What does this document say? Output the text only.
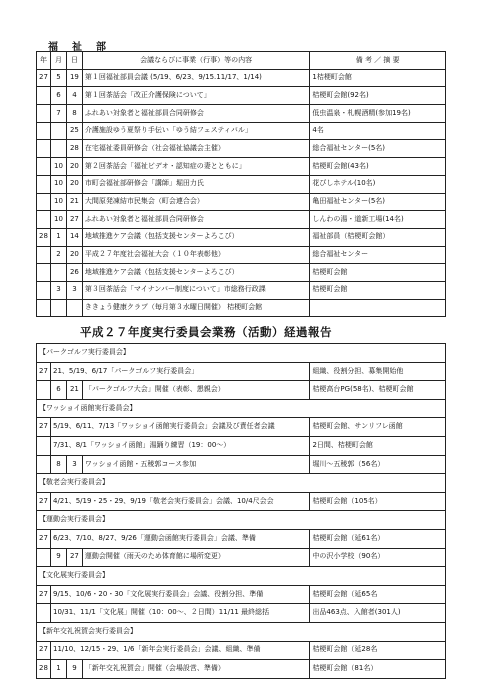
福　祉　部
年	月	日	会議ならびに事業（行事）等の内容	備 考 ／ 摘 要
27	5	19	第１回福祉部員会議 (5/19、6/23、9/15.11/17、1/14)	1桔梗町会館
	6	4	第１回茶話会「改正介護保険について」	桔梗町会館(92名)
	7	8	ふれあい対象者と福祉部員合同研修会	低虫温泉・札幌酒精(参加19名)
		25	介護施設ゆう夏祭り手伝い「ゆう結フェスティバル」	4名
		28	在宅福祉委員研修会（社会福祉協議会主催）	総合福祉センター(5名)
	10	20	第２回茶話会「福祉ビデオ・認知症の妻とともに」	桔梗町会館(43名)
	10	20	市町会福祉部研修会「講師」堀田力氏	花びしホテル(10名)
	10	21	大間原発凍結市民集会（町会連合会）	亀田福祉センター(5名)
	10	27	ふれあい対象者と福祉部員合同研修会	しんわの湯・道新工場(14名)
28	1	14	地域推進ケア会議（包括支援センターよろこび）	福祉部員（桔梗町会館）
	2	20	平成２７年度社会福祉大会（１０年表彰他）	総合福祉センター
		26	地域推進ケア会議（包括支援センターよろこび）	桔梗町会館
	3	3	第３回茶話会「マイナンバー制度について」市総務行政課	桔梗町会館
			ききょう健康クラブ（毎月第３水曜日開催） 桔梗町会館	
平成２７年度実行委員会業務（活動）経過報告
【パークゴルフ実行委員会】				
27	21、5/19、6/17「パークゴルフ実行委員会」			組織、役割分担、募集開始他
	6	21	「パークゴルフ大会」開催（表彰、懇親会）	桔梗高台PG(58名)、桔梗町会館
【ワッショイ函館実行委員会】				
27	5/19、6/11、7/13「ワッショイ函館実行委員会」会議及び責任者会議			桔梗町会館、サンリフレ函館
	7/31、8/1「ワッショイ函館」湯踊り練習（19：00〜）			2日間、桔梗町会館
	8	3	ワッショイ函館・五稜郭コース参加	堀川〜五稜郭（56名）
【敬老会実行委員会】				
27	4/21、5/19・25・29、9/19「敬老会実行委員会」会議、10/4尺会会			桔梗町会館（105名）
【運動会実行委員会】				
27	6/23、7/10、8/27、9/26「運動会函館実行委員会」会議、準備			桔梗町会館（延61名）
	9	27	運動会開催（雨天のため体育館に場所変更）	中の沢小学校（90名）
【文化展実行委員会】				
27	9/15、10/6・20・30「文化展実行委員会」会議、役割分担、準備			桔梗町会館（延65名
	10/31、11/1「文化展」開催（10：00〜、２日間）11/11 最終総括			出品463点、入館者(301人)
【新年交礼祝賀会実行委員会】				
27	11/10、12/15・29、1/6「新年会実行委員会」会議、組織、準備			桔梗町会館（延28名
28	1	9	「新年交礼祝賀会」開催（会場設営、準備）	桔梗町会館（81名）
